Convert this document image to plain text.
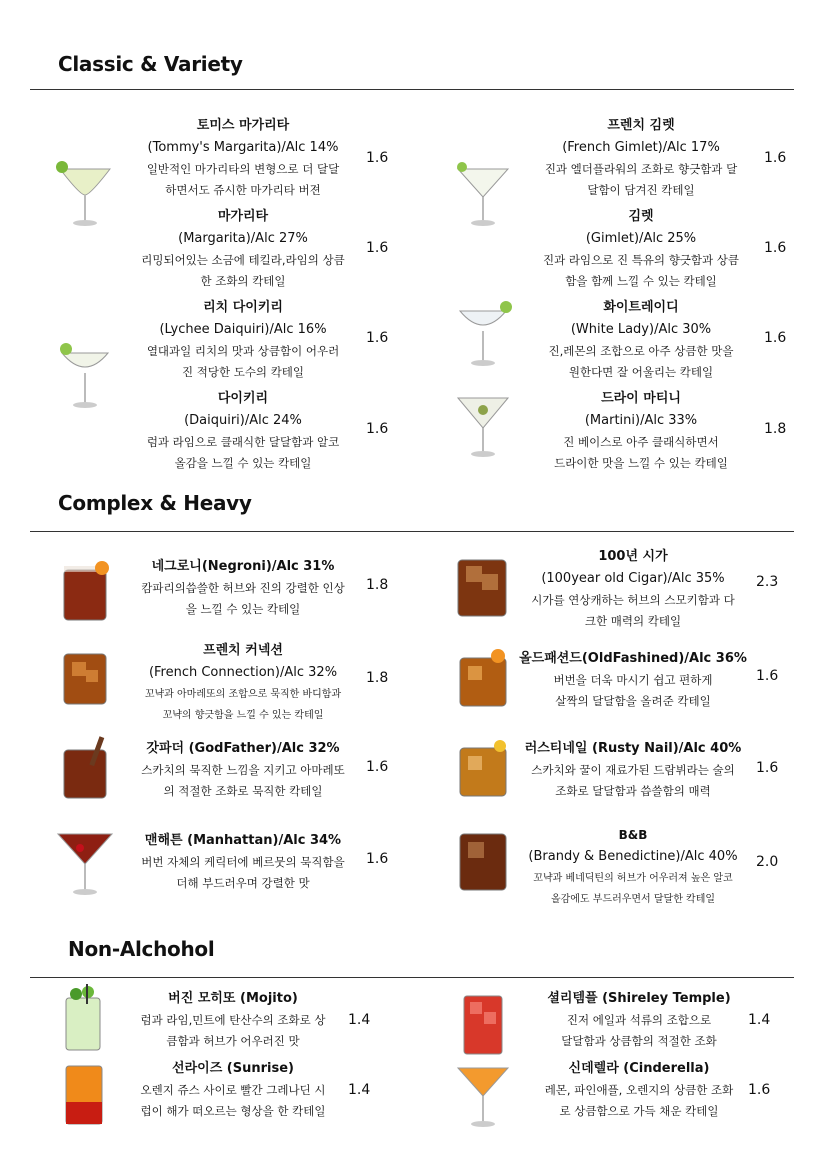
Classic & Variety
Complex & Heavy
Non-Alchohol
토미스 마가리타
(Tommy's Margarita)/Alc 14%
일반적인 마가리타의 변형으로 더 달달
하면서도 쥬시한 마가리타 버젼
1.6
마가리타
(Margarita)/Alc 27%
리밍되어있는 소금에 테킬라,라임의 상큼
한 조화의 칵테일
1.6
리치 다이키리
(Lychee Daiquiri)/Alc 16%
열대과일 리치의 맛과 상큼함이 어우러
진 적당한 도수의 칵테일
1.6
다이키리
(Daiquiri)/Alc 24%
럼과 라임으로 클래식한 달달함과 알코
올감을 느낄 수 있는 칵테일
1.6
프렌치 김렛
(French Gimlet)/Alc 17%
진과 엘더플라워의 조화로 향긋함과 달
달함이 담겨진 칵테일
1.6
김렛
(Gimlet)/Alc 25%
진과 라임으로 진 특유의 향긋함과 상큼
함을 함께 느낄 수 있는 칵테일
1.6
화이트레이디
(White Lady)/Alc 30%
진,레몬의 조합으로 아주 상큼한 맛을
원한다면 잘 어울리는 칵테일
1.6
드라이 마티니
(Martini)/Alc 33%
진 베이스로 아주 클래식하면서
드라이한 맛을 느낄 수 있는 칵테일
1.8
네그로니(Negroni)/Alc 31%
캄파리의씁쓸한 허브와 진의 강렬한 인상
을 느낄 수 있는 칵테일
1.8
프렌치 커넥션
(French Connection)/Alc 32%
꼬냑과 아마레또의 조합으로 묵직한 바디함과
꼬냑의 향긋함을 느낄 수 있는 칵테일
1.8
갓파더 (GodFather)/Alc 32%
스카치의 묵직한 느낌을 지키고 아마레또
의 적절한 조화로 묵직한 칵테일
1.6
맨해튼 (Manhattan)/Alc 34%
버번 자체의 케릭터에 베르뭇의 묵직함을
더해 부드러우며 강렬한 맛
1.6
100년 시가
(100year old Cigar)/Alc 35%
시가를 연상캐하는 허브의 스모키함과 다
크한 매력의 칵테일
2.3
올드패션드(OldFashined)/Alc 36%
버번을 더욱 마시기 쉽고 편하게
살짝의 달달함을 올려준 칵테일
1.6
러스티네일 (Rusty Nail)/Alc 40%
스카치와 꿀이 재료가된 드람뷔라는 술의
조화로 달달함과 씁쓸함의 매력
1.6
B&B
(Brandy & Benedictine)/Alc 40%
꼬냑과 베네딕틴의 허브가 어우러져 높은 알코
올감에도 부드러우면서 달달한 칵테일
2.0
버진 모히또 (Mojito)
럼과 라임,민트에 탄산수의 조화로 상
큼함과 허브가 어우러진 맛
1.4
선라이즈 (Sunrise)
오렌지 쥬스 사이로 빨간 그레나딘 시
럽이 해가 떠오르는 형상을 한 칵테일
1.4
셜리템플 (Shireley Temple)
진저 에일과 석류의 조합으로
달달함과 상큼함의 적절한 조화
1.4
신데렐라 (Cinderella)
레몬, 파인애플, 오렌지의 상큼한 조화
로 상큼함으로 가득 채운 칵테일
1.6
